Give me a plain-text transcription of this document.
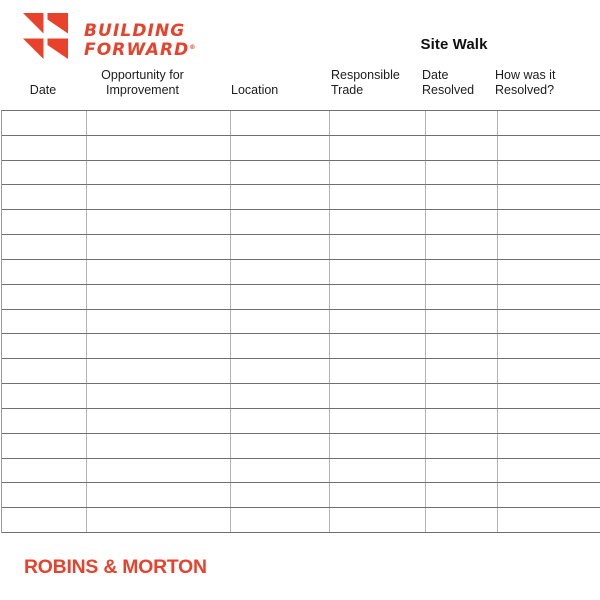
BUILDING
FORWARD®	Site Walk
Date
Opportunity for Improvement	Location
Responsible Trade
Date Resolved
How was it Resolved?
ROBINS & MORTON
